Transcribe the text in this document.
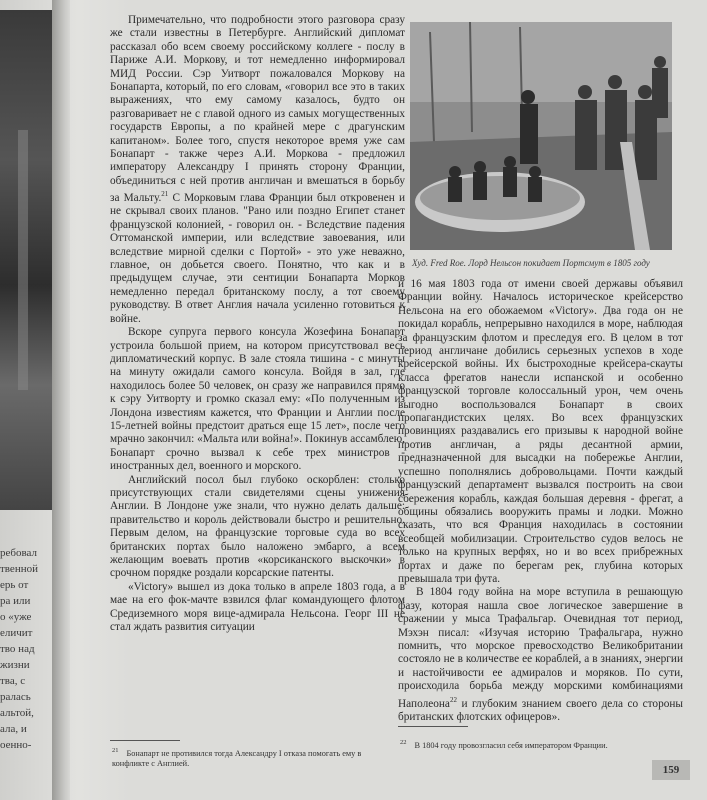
ребовал
твенной
ерь от
ра или
о «уже
еличит
тво над
жизни
тва, с
ралась
альтой,
ала, и
оенно-

Примечательно, что подробности этого разговора сразу же стали известны в Петербурге. Английский дипломат рассказал обо всем своему российскому коллеге - послу в Париже А.И. Моркову, и тот немедленно информировал МИД России. Сэр Уитворт пожаловался Моркову на Бонапарта, который, по его словам, «говорил все это в таких выражениях, что ему самому казалось, будто он разговаривает не с главой одного из самых могущественных государств Европы, а по крайней мере с драгунским капитаном». Более того, спустя некоторое время уже сам Бонапарт - также через А.И. Моркова - предложил императору Александру I принять сторону Франции, объединиться с ней против англичан и вмешаться в борьбу за Мальту.$^{21}$ С Морковым глава Франции был откровенен и не скрывал своих планов. "Рано или поздно Египет станет французской колонией, - говорил он. - Вследствие падения Оттоманской империи, или вследствие завоевания, или вследствие мирной сделки с Портой» - это уже неважно, главное, он добьется своего. Понятно, что как и в предыдущем случае, эти сентиции Бонапарта Морков немедленно передал британскому послу, а тот своему руководству. В ответ Англия начала усиленно готовиться к войне.

Вскоре супруга первого консула Жозефина Бонапарт устроила большой прием, на котором присутствовал весь дипломатический корпус. В зале стояла тишина - с минуты на минуту ожидали самого консула. Войдя в зал, где находилось более 50 человек, он сразу же направился прямо к сэру Уитворту и громко сказал ему: «По полученным из Лондона известиям кажется, что Франции и Англии после 15-летней войны предстоит драться еще 15 лет», после чего мрачно закончил: «Мальта или война!». Покинув ассамблею, Бонапарт срочно вызвал к себе трех министров - иностранных дел, военного и морского.

Английский посол был глубоко оскорблен: столько присутствующих стали свидетелями сцены унижения Англии. В Лондоне уже знали, что нужно делать дальше: правительство и король действовали быстро и решительно. Первым делом, на французские торговые суда во всех британских портах было наложено эмбарго, а всем желающим воевать против «корсиканского выскочки» в срочном порядке роздали корсарские патенты.

«Victory» вышел из дока только в апреле 1803 года, а в мае на его фок-мачте взвился флаг командующего флотом Средиземного моря вице-адмирала Нельсона. Георг III не стал ждать развития ситуации

Худ. Fred Roe. Лорд Нельсон покидает Портсмут в 1805 году

и 16 мая 1803 года от имени своей державы объявил Франции войну. Началось историческое крейсерство Нельсона на его обожаемом «Victory». Два года он не покидал корабль, непрерывно находился в море, наблюдая за французским флотом и преследуя его. В целом в тот период англичане добились серьезных успехов в ходе крейсерской войны. Их быстроходные крейсера-скауты класса фрегатов нанесли испанской и особенно французской торговле колоссальный урон, чем очень выгодно воспользовался Бонапарт в своих пропагандистских целях. Во всех французских провинциях раздавались его призывы к народной войне против англичан, а ряды десантной армии, предназначенной для высадки на побережье Англии, успешно пополнялись добровольцами. Почти каждый французский департамент вызвался построить на свои сбережения корабль, каждая большая деревня - фрегат, а общины обязались вооружить прамы и лодки. Можно сказать, что вся Франция находилась в состоянии всеобщей мобилизации. Строительство судов велось не только на крупных верфях, но и во всех прибрежных портах и даже по берегам рек, глубина которых превышала три фута.

В 1804 году война на море вступила в решающую фазу, которая нашла свое логическое завершение в сражении у мыса Трафальгар. Очевидная тот период, Мэхэн писал: «Изучая историю Трафальгара, нужно помнить, что морское превосходство Великобритании состояло не в количестве ее кораблей, а в знаниях, энергии и настойчивости ее адмиралов и моряков. По сути, происходила борьба между морскими комбинациями Наполеона$^{22}$ и глубоким знанием своего дела со стороны британских флотских офицеров».

$^{21}$ Бонапарт не противился тогда Александру I отказа помогать ему в конфликте с Англией.
$^{22}$ В 1804 году провозгласил себя императором Франции.
159
